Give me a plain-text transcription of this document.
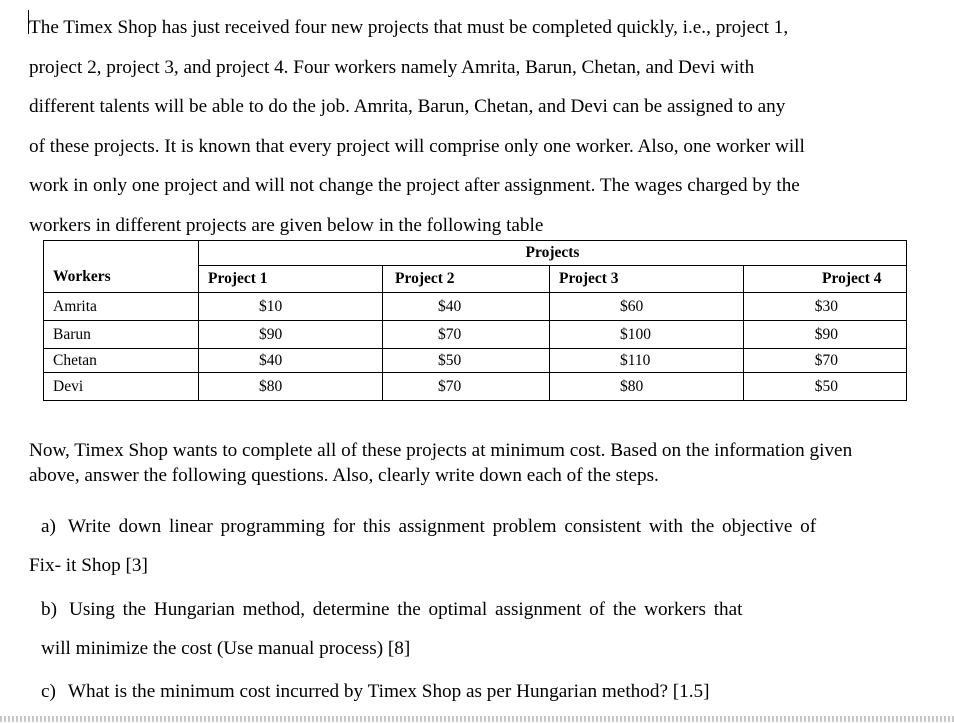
The Timex Shop has just received four new projects that must be completed quickly, i.e., project 1,
project 2, project 3, and project 4. Four workers namely Amrita, Barun, Chetan, and Devi with
different talents will be able to do the job. Amrita, Barun, Chetan, and Devi can be assigned to any
of these projects. It is known that every project will comprise only one worker. Also, one worker will
work in only one project and will not change the project after assignment. The wages charged by the
workers in different projects are given below in the following table

Workers	Projects			
	Project 1	Project 2	Project 3	Project 4
Amrita	$10	$40	$60	$30
Barun	$90	$70	$100	$90
Chetan	$40	$50	$110	$70
Devi	$80	$70	$80	$50

Now, Timex Shop wants to complete all of these projects at minimum cost. Based on the information given
above, answer the following questions. Also, clearly write down each of the steps.

a) Write down linear programming for this assignment problem consistent with the objective of
Fix- it Shop [3]

b) Using the Hungarian method, determine the optimal assignment of the workers that
will minimize the cost (Use manual process) [8]

c) What is the minimum cost incurred by Timex Shop as per Hungarian method? [1.5]
